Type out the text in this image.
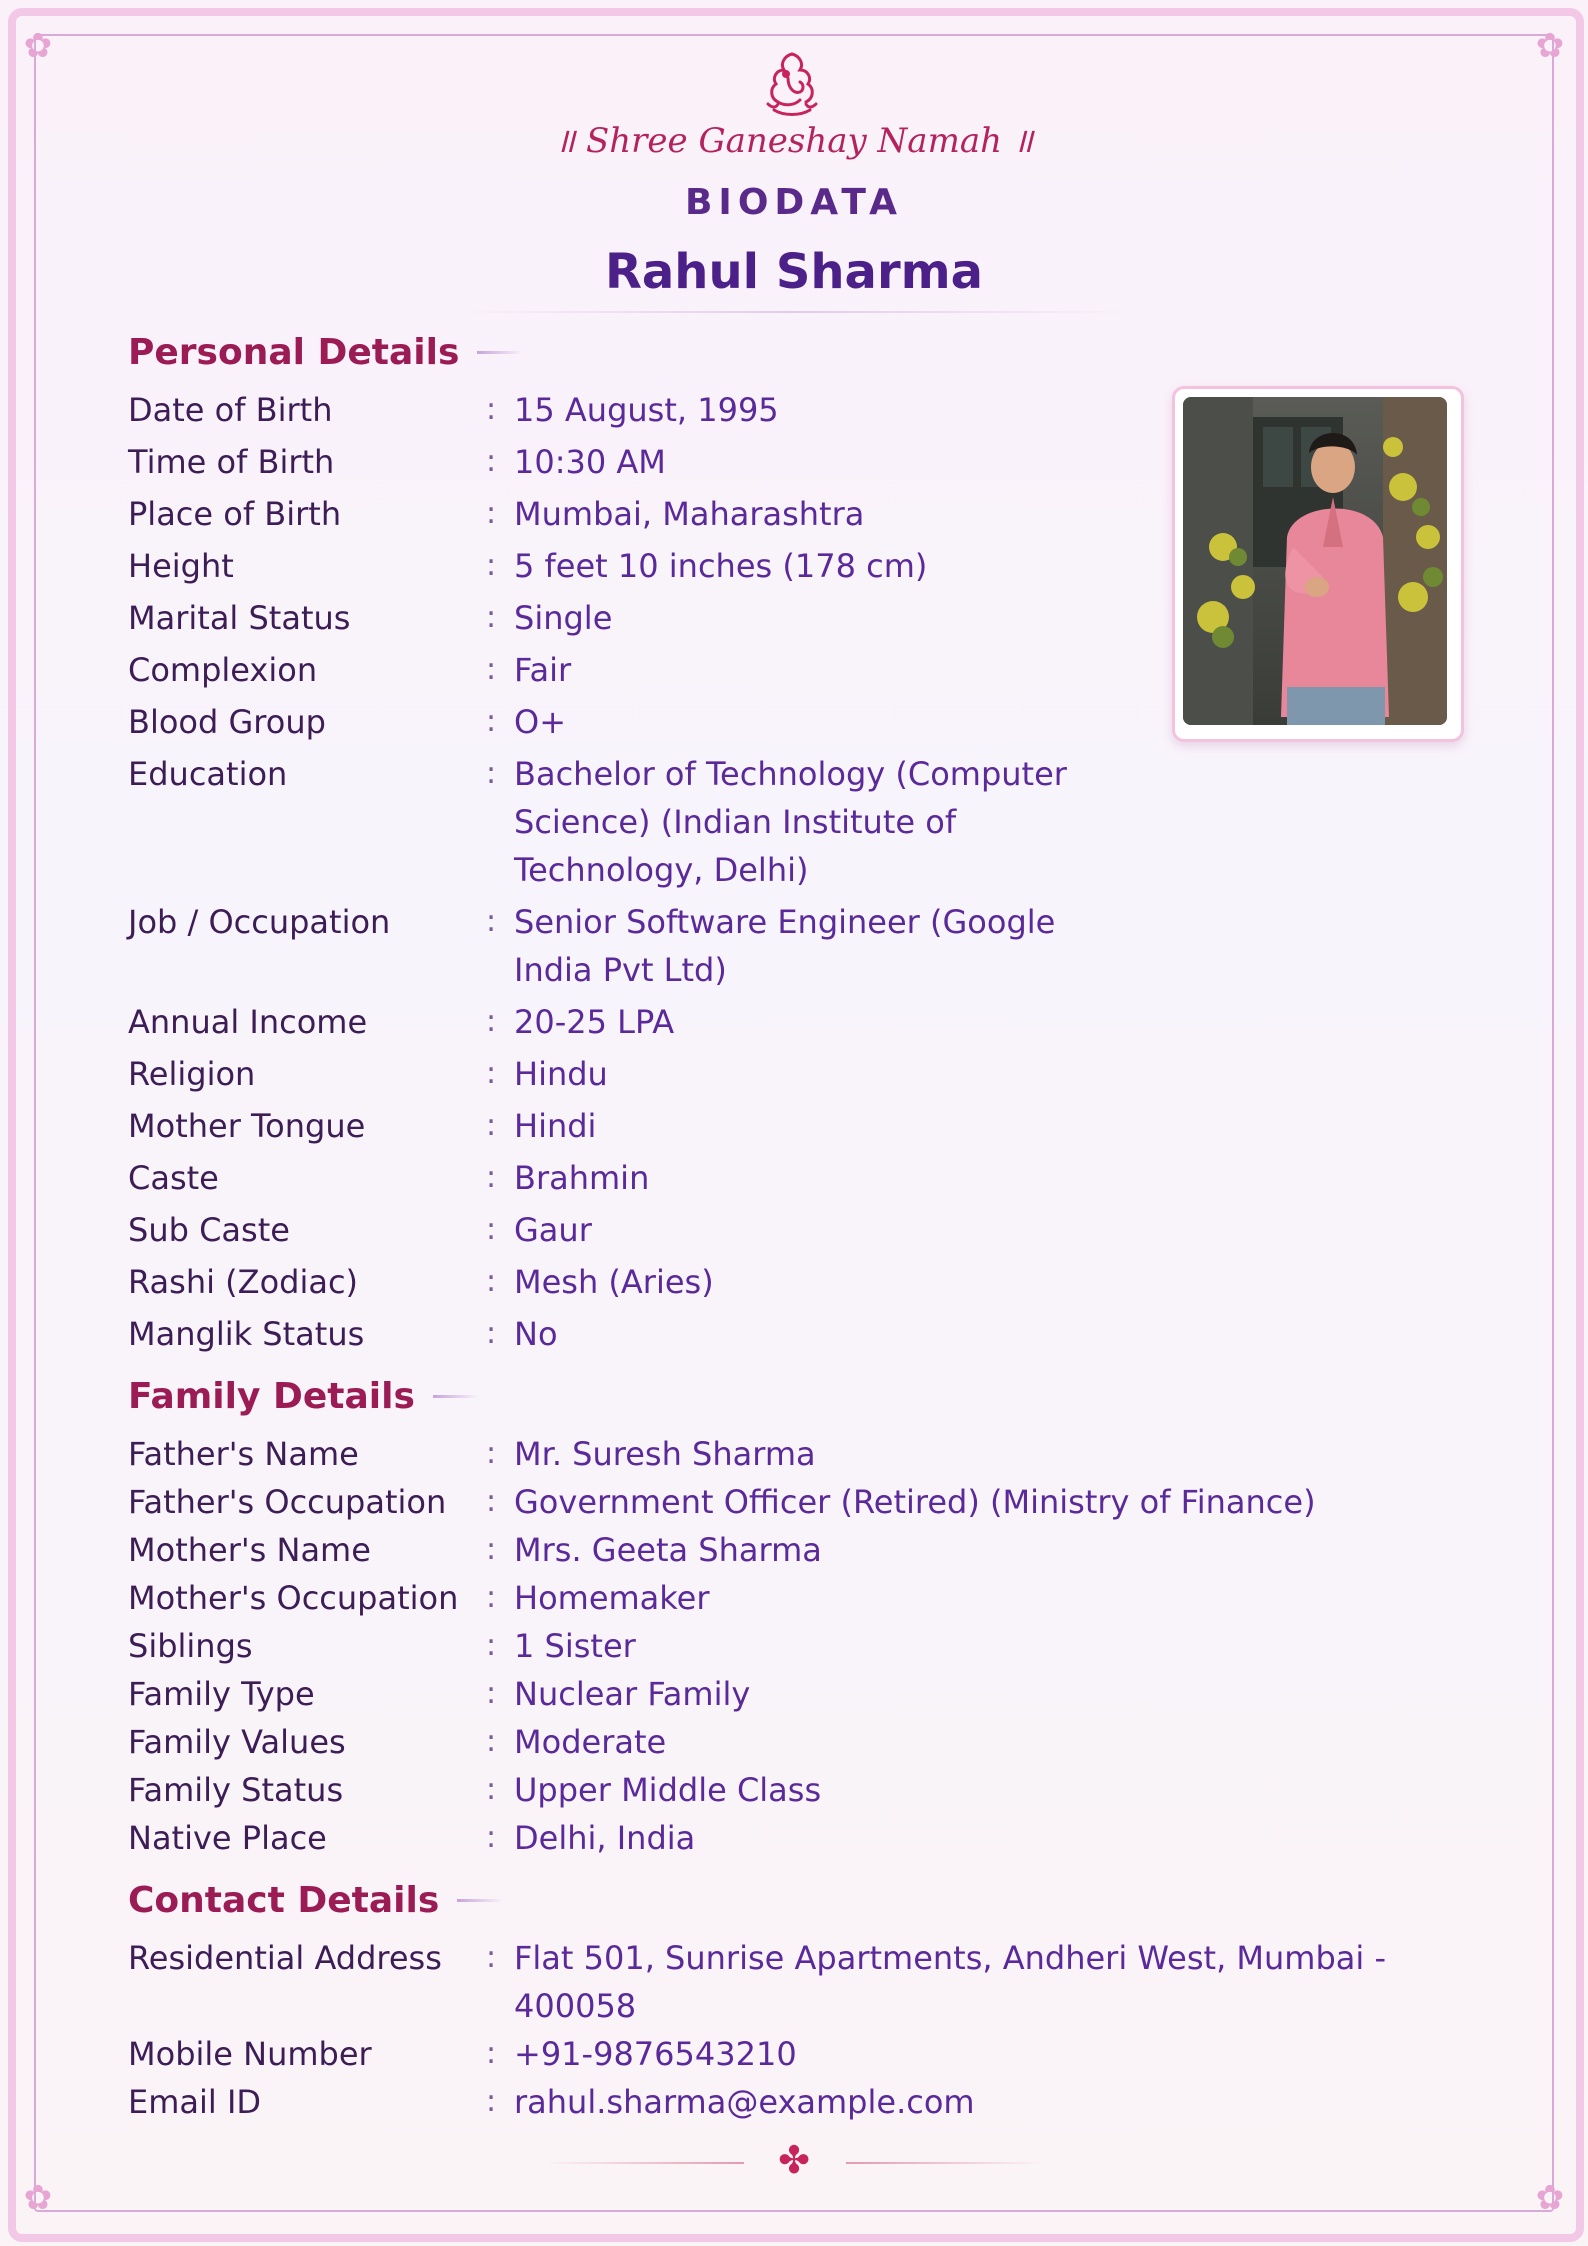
✿	✿
✿	✿
॥ Shree Ganeshay Namah ॥
BIODATA
Rahul Sharma
Personal Details
Date of Birth	: 15 August, 1995
Time of Birth	: 10:30 AM
Place of Birth	: Mumbai, Maharashtra
Height	: 5 feet 10 inches (178 cm)
Marital Status	: Single
Complexion	: Fair
Blood Group	: O+
Education	: Bachelor of Technology (Computer Science) (Indian Institute of Technology, Delhi)
Job / Occupation	: Senior Software Engineer (Google India Pvt Ltd)
Annual Income	: 20-25 LPA
Religion	: Hindu
Mother Tongue	: Hindi
Caste	: Brahmin
Sub Caste	: Gaur
Rashi (Zodiac)	: Mesh (Aries)
Manglik Status	: No
Family Details
Father's Name	: Mr. Suresh Sharma
Father's Occupation	: Government Officer (Retired) (Ministry of Finance)
Mother's Name	: Mrs. Geeta Sharma
Mother's Occupation : Homemaker
Siblings	: 1 Sister
Family Type	: Nuclear Family
Family Values	: Moderate
Family Status	: Upper Middle Class
Native Place	: Delhi, India
Contact Details
Residential Address	: Flat 501, Sunrise Apartments, Andheri West, Mumbai - 400058
Mobile Number	: +91-9876543210
Email ID	: rahul.sharma@example.com
✤
